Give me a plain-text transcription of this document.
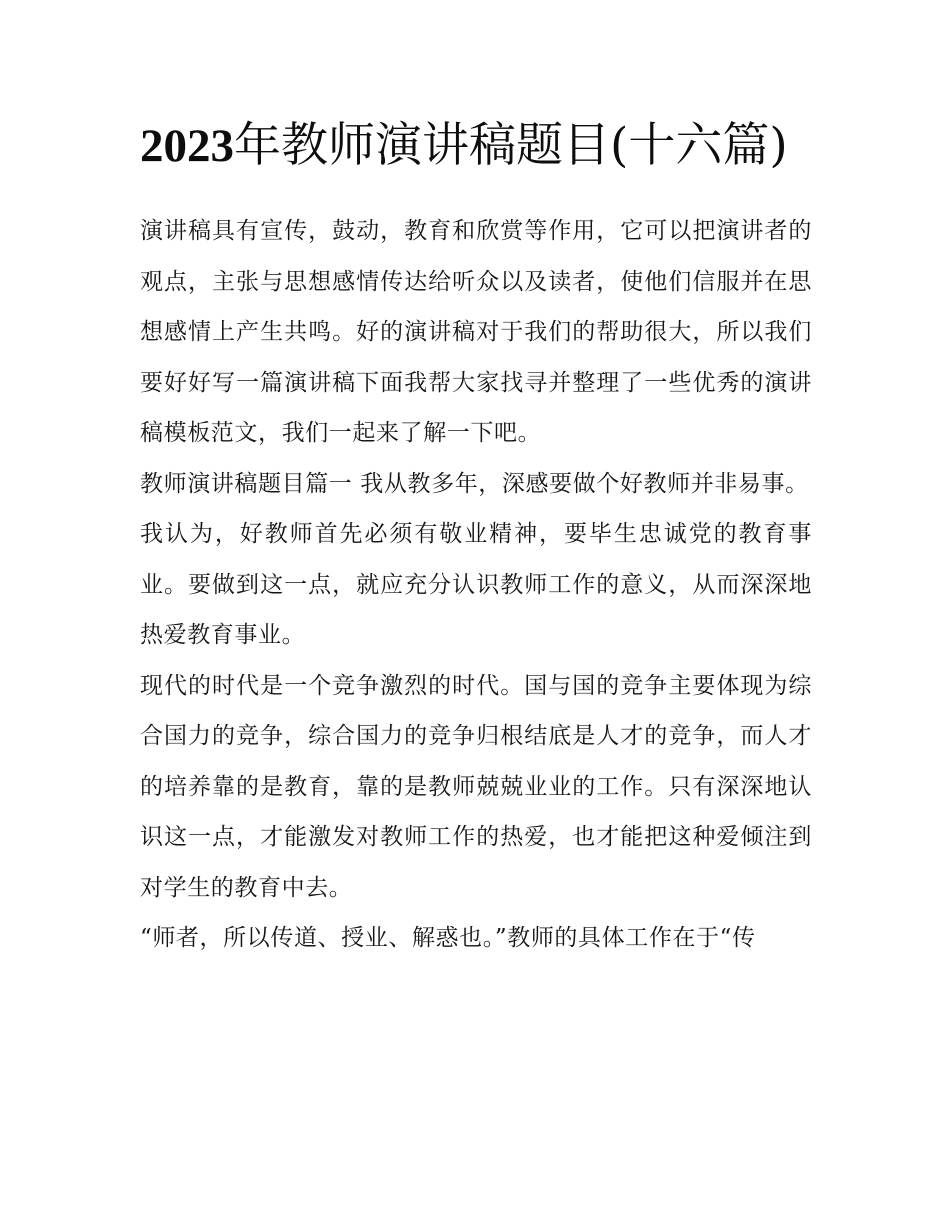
2023年教师演讲稿题目(十六篇)

演讲稿具有宣传，鼓动，教育和欣赏等作用，它可以把演讲者的观点，主张与思想感情传达给听众以及读者，使他们信服并在思想感情上产生共鸣。好的演讲稿对于我们的帮助很大，所以我们要好好写一篇演讲稿下面我帮大家找寻并整理了一些优秀的演讲稿模板范文，我们一起来了解一下吧。

教师演讲稿题目篇一 我从教多年，深感要做个好教师并非易事。

我认为，好教师首先必须有敬业精神，要毕生忠诚党的教育事业。要做到这一点，就应充分认识教师工作的意义，从而深深地热爱教育事业。

现代的时代是一个竞争激烈的时代。国与国的竞争主要体现为综合国力的竞争，综合国力的竞争归根结底是人才的竞争，而人才的培养靠的是教育，靠的是教师兢兢业业的工作。只有深深地认识这一点，才能激发对教师工作的热爱，也才能把这种爱倾注到对学生的教育中去。

“师者，所以传道、授业、解惑也。”教师的具体工作在于“传
